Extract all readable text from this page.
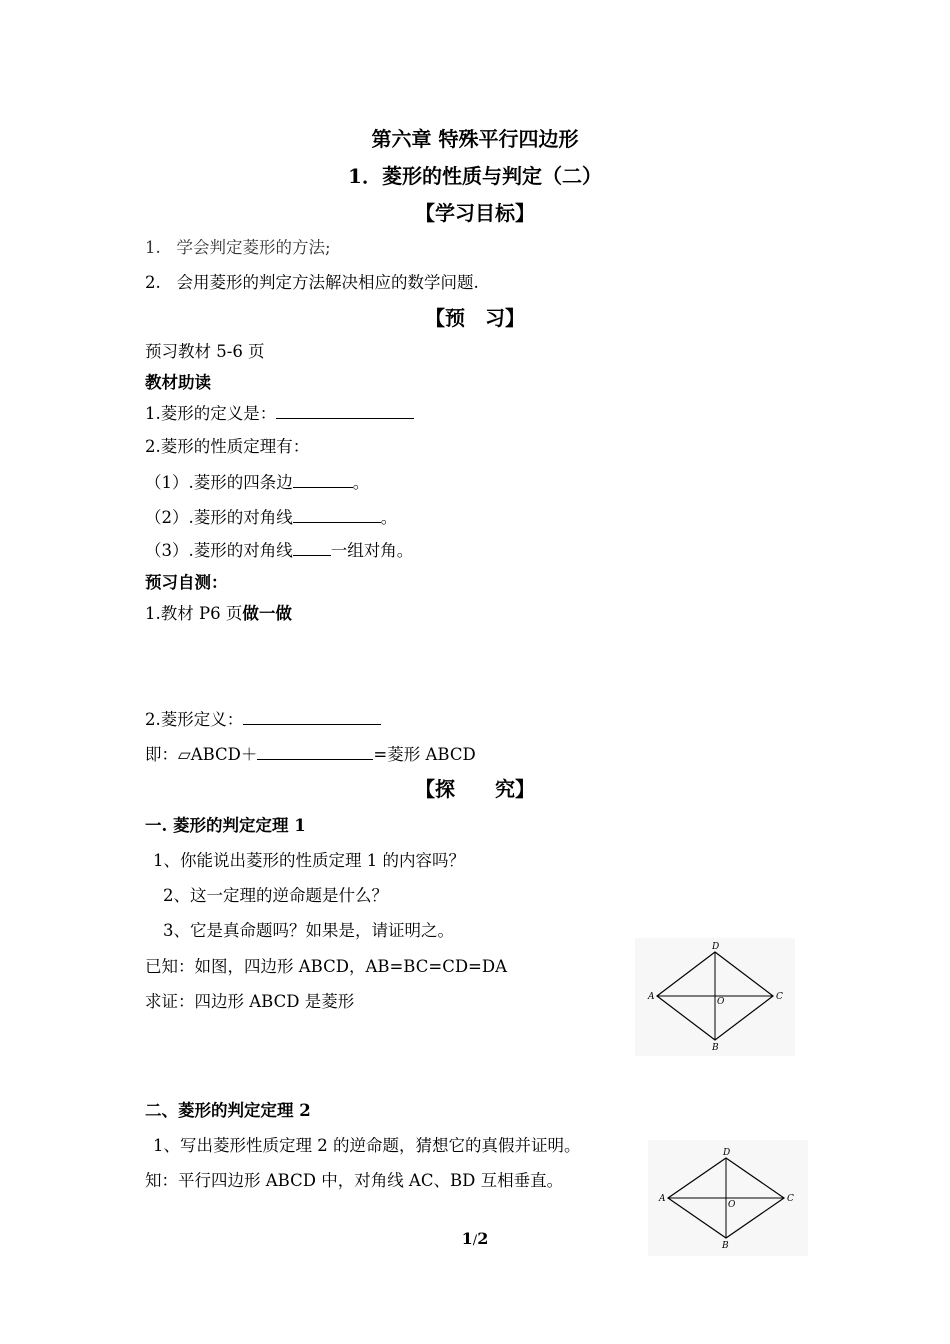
第六章 特殊平行四边形
1．菱形的性质与判定（二）
【学习目标】
1. 学会判定菱形的方法;
2. 会用菱形的判定方法解决相应的数学问题.
【预　习】
预习教材 5-6 页
教材助读
1.菱形的定义是：
2.菱形的性质定理有：
（1）.菱形的四条边	。
（2）.菱形的对角线	。
（3）.菱形的对角线 一组对角。
预习自测：
1.教材 P6 页做一做
2.菱形定义：
即：▱ABCD＋	=菱形 ABCD
【探　　究】
一. 菱形的判定定理 1
1、你能说出菱形的性质定理 1 的内容吗？
2、这一定理的逆命题是什么？
3、它是真命题吗？如果是，请证明之。
已知：如图，四边形 ABCD，AB=BC=CD=DA
求证：四边形 ABCD 是菱形
D
A	C
B
O
二、菱形的判定定理 2
1、写出菱形性质定理 2 的逆命题，猜想它的真假并证明。
知：平行四边形 ABCD 中，对角线 AC、BD 互相垂直。
D
A	C
B
O
1/2
